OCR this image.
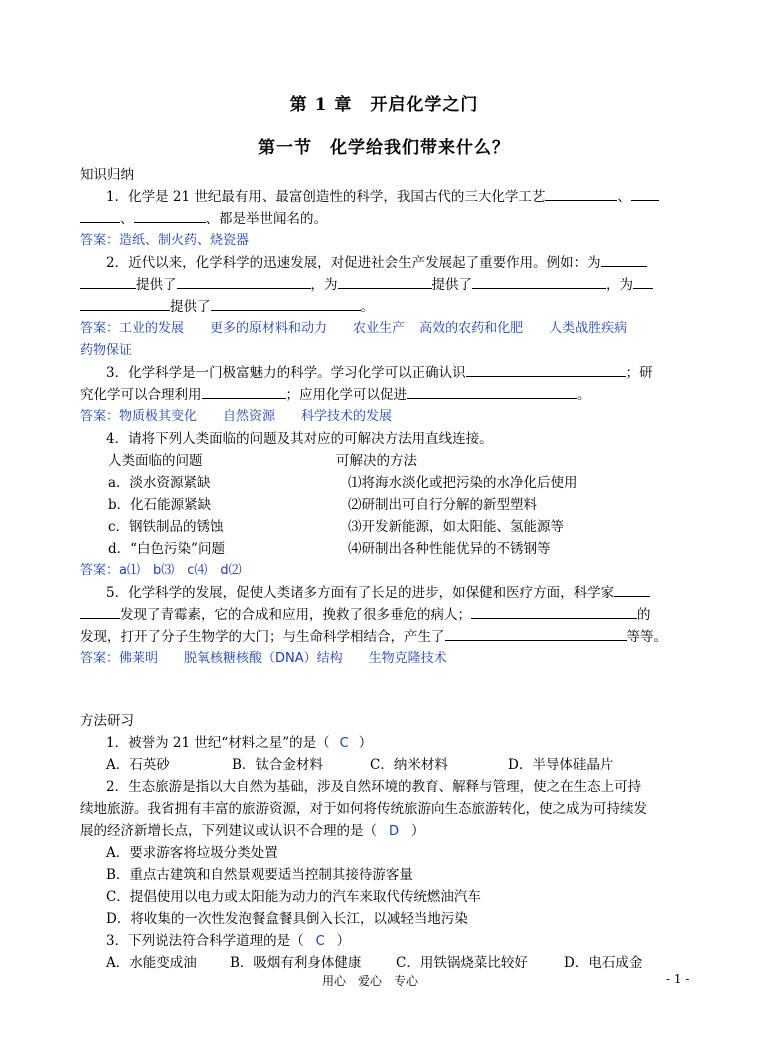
第 1 章　开启化学之门
第一节　化学给我们带来什么？
知识归纳
1．化学是 21 世纪最有用、最富创造性的科学，我国古代的三大化学工艺	、
、	、都是举世闻名的。
答案：造纸、制火药、烧瓷器
2．近代以来，化学科学的迅速发展，对促进社会生产发展起了重要作用。例如：为
提供了	，为	提供了	，为
提供了	。
答案：工业的发展 更多的原材料和动力 农业生产 高效的农药和化肥 人类战胜疾病
药物保证
3．化学科学是一门极富魅力的科学。学习化学可以正确认识	；研
究化学可以合理利用	；应用化学可以促进	。
答案：物质极其变化 自然资源 科学技术的发展
4．请将下列人类面临的问题及其对应的可解决方法用直线连接。
人类面临的问题	可解决的方法
a．淡水资源紧缺	⑴将海水淡化或把污染的水净化后使用
b．化石能源紧缺	⑵研制出可自行分解的新型塑料
c．钢铁制品的锈蚀	⑶开发新能源，如太阳能、氢能源等
d．“白色污染”问题	⑷研制出各种性能优异的不锈钢等
答案：a⑴　b⑶　c⑷　d⑵
5．化学科学的发展，促使人类诸多方面有了长足的进步，如保健和医疗方面，科学家
发现了青霉素，它的合成和应用，挽救了很多垂危的病人；	的
发现，打开了分子生物学的大门；与生命科学相结合，产生了	等等。
答案：佛莱明 脱氧核糖核酸（DNA）结构 生物克隆技术
方法研习
1．被誉为 21 世纪“材料之星”的是（ C ）
A．石英砂	B．钛合金材料	C．纳米材料	D．半导体硅晶片
2．生态旅游是指以大自然为基础，涉及自然环境的教育、解释与管理，使之在生态上可持
续地旅游。我省拥有丰富的旅游资源，对于如何将传统旅游向生态旅游转化，使之成为可持续发
展的经济新增长点，下列建议或认识不合理的是（ D ）
A．要求游客将垃圾分类处置
B．重点古建筑和自然景观要适当控制其接待游客量
C．提倡使用以电力或太阳能为动力的汽车来取代传统燃油汽车
D．将收集的一次性发泡餐盒餐具倒入长江，以减轻当地污染
3．下列说法符合科学道理的是（ C ）
A．水能变成油 B．吸烟有利身体健康	C．用铁锅烧菜比较好	D．电石成金
用心　爱心　专心	- 1 -
